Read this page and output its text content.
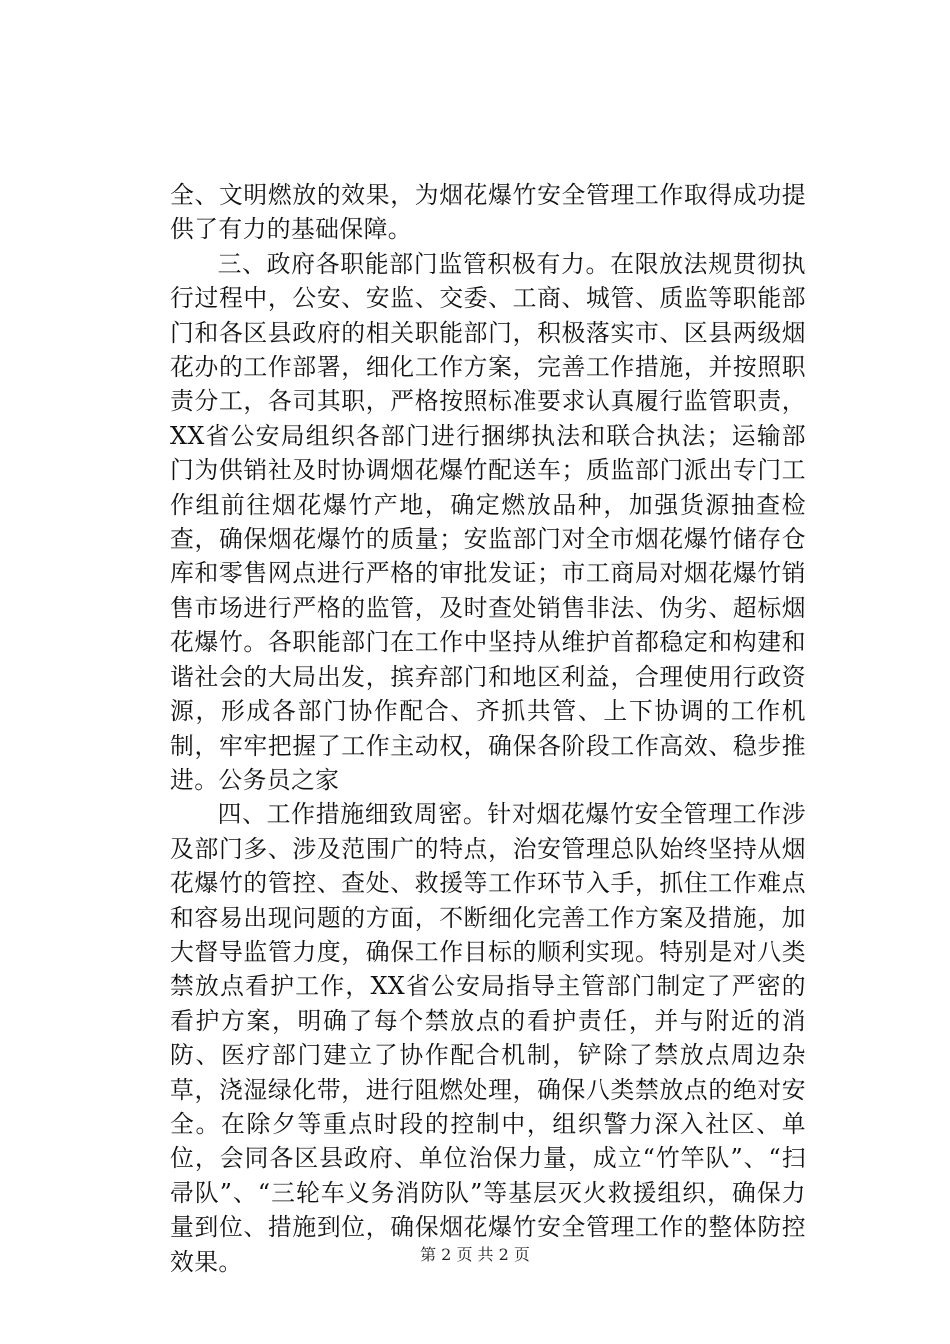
全、文明燃放的效果，为烟花爆竹安全管理工作取得成功提供了有力的基础保障。

三、政府各职能部门监管积极有力。在限放法规贯彻执行过程中，公安、安监、交委、工商、城管、质监等职能部门和各区县政府的相关职能部门，积极落实市、区县两级烟花办的工作部署，细化工作方案，完善工作措施，并按照职责分工，各司其职，严格按照标准要求认真履行监管职责，XX省公安局组织各部门进行捆绑执法和联合执法；运输部门为供销社及时协调烟花爆竹配送车；质监部门派出专门工作组前往烟花爆竹产地，确定燃放品种，加强货源抽查检查，确保烟花爆竹的质量；安监部门对全市烟花爆竹储存仓库和零售网点进行严格的审批发证；市工商局对烟花爆竹销售市场进行严格的监管，及时查处销售非法、伪劣、超标烟花爆竹。各职能部门在工作中坚持从维护首都稳定和构建和谐社会的大局出发，摈弃部门和地区利益，合理使用行政资源，形成各部门协作配合、齐抓共管、上下协调的工作机制，牢牢把握了工作主动权，确保各阶段工作高效、稳步推进。公务员之家

四、工作措施细致周密。针对烟花爆竹安全管理工作涉及部门多、涉及范围广的特点，治安管理总队始终坚持从烟花爆竹的管控、查处、救援等工作环节入手，抓住工作难点和容易出现问题的方面，不断细化完善工作方案及措施，加大督导监管力度，确保工作目标的顺利实现。特别是对八类禁放点看护工作，XX省公安局指导主管部门制定了严密的看护方案，明确了每个禁放点的看护责任，并与附近的消防、医疗部门建立了协作配合机制，铲除了禁放点周边杂草，浇湿绿化带，进行阻燃处理，确保八类禁放点的绝对安全。在除夕等重点时段的控制中，组织警力深入社区、单位，会同各区县政府、单位治保力量，成立“竹竿队”、“扫帚队”、“三轮车义务消防队”等基层灭火救援组织，确保力量到位、措施到位，确保烟花爆竹安全管理工作的整体防控效果。	第 2 页 共 2 页
